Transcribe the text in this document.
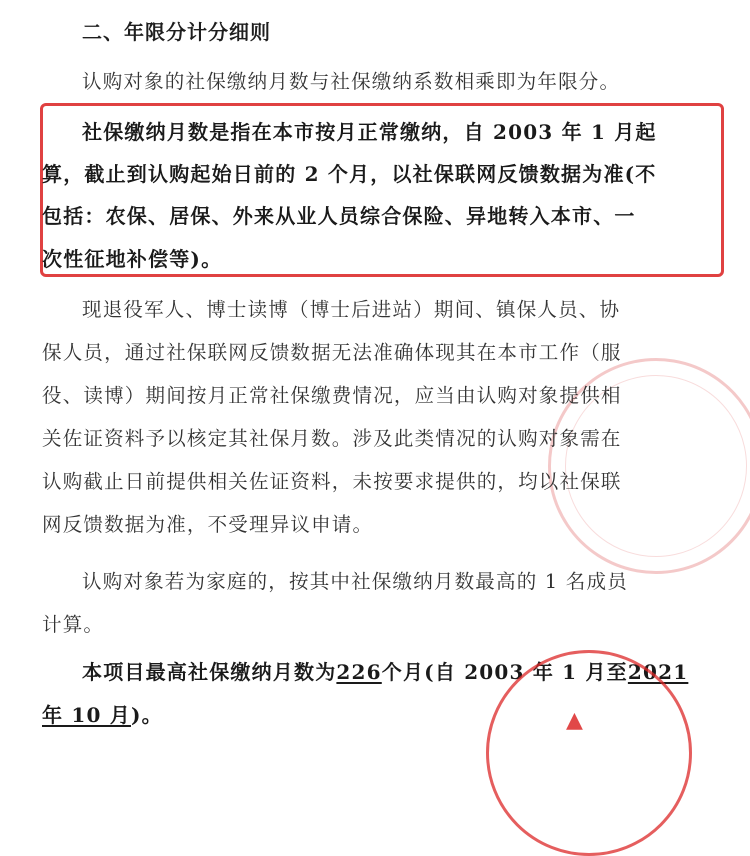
二、年限分计分细则
认购对象的社保缴纳月数与社保缴纳系数相乘即为年限分。
社保缴纳月数是指在本市按月正常缴纳，自 2003 年 1 月起
算，截止到认购起始日前的 2 个月，以社保联网反馈数据为准(不
包括：农保、居保、外来从业人员综合保险、异地转入本市、一
次性征地补偿等)。
现退役军人、博士读博（博士后进站）期间、镇保人员、协
保人员，通过社保联网反馈数据无法准确体现其在本市工作（服
役、读博）期间按月正常社保缴费情况，应当由认购对象提供相
关佐证资料予以核定其社保月数。涉及此类情况的认购对象需在
认购截止日前提供相关佐证资料，未按要求提供的，均以社保联
网反馈数据为准，不受理异议申请。
认购对象若为家庭的，按其中社保缴纳月数最高的 1 名成员
计算。
本项目最高社保缴纳月数为226个月(自 2003 年 1 月至2021
年 10 月)。	▲
